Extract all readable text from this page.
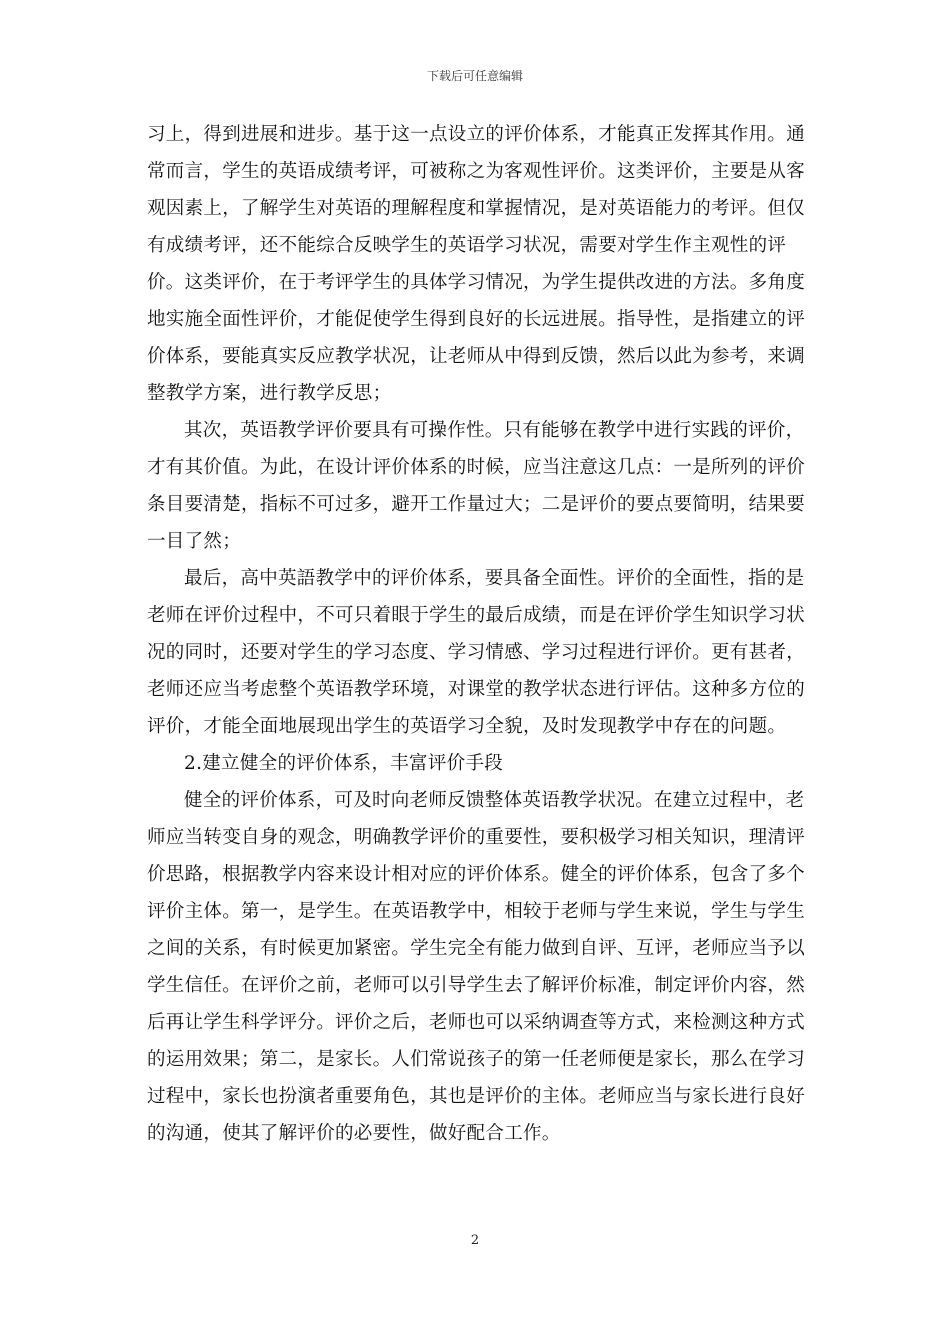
下载后可任意编辑

习上，得到进展和进步。基于这一点设立的评价体系，才能真正发挥其作用。通常而言，学生的英语成绩考评，可被称之为客观性评价。这类评价，主要是从客观因素上，了解学生对英语的理解程度和掌握情况，是对英语能力的考评。但仅有成绩考评，还不能综合反映学生的英语学习状况，需要对学生作主观性的评价。这类评价，在于考评学生的具体学习情况，为学生提供改进的方法。多角度地实施全面性评价，才能促使学生得到良好的长远进展。指导性，是指建立的评价体系，要能真实反应教学状况，让老师从中得到反馈，然后以此为参考，来调整教学方案，进行教学反思；

其次，英语教学评价要具有可操作性。只有能够在教学中进行实践的评价，才有其价值。为此，在设计评价体系的时候，应当注意这几点：一是所列的评价条目要清楚，指标不可过多，避开工作量过大；二是评价的要点要简明，结果要一目了然；

最后，高中英語教学中的评价体系，要具备全面性。评价的全面性，指的是老师在评价过程中，不可只着眼于学生的最后成绩，而是在评价学生知识学习状况的同时，还要对学生的学习态度、学习情感、学习过程进行评价。更有甚者，老师还应当考虑整个英语教学环境，对课堂的教学状态进行评估。这种多方位的评价，才能全面地展现出学生的英语学习全貌，及时发现教学中存在的问题。

2.建立健全的评价体系，丰富评价手段

健全的评价体系，可及时向老师反馈整体英语教学状况。在建立过程中，老师应当转变自身的观念，明确教学评价的重要性，要积极学习相关知识，理清评价思路，根据教学内容来设计相对应的评价体系。健全的评价体系，包含了多个评价主体。第一，是学生。在英语教学中，相较于老师与学生来说，学生与学生之间的关系，有时候更加紧密。学生完全有能力做到自评、互评，老师应当予以学生信任。在评价之前，老师可以引导学生去了解评价标准，制定评价内容，然后再让学生科学评分。评价之后，老师也可以采纳调查等方式，来检测这种方式的运用效果；第二，是家长。人们常说孩子的第一任老师便是家长，那么在学习过程中，家长也扮演者重要角色，其也是评价的主体。老师应当与家长进行良好的沟通，使其了解评价的必要性，做好配合工作。

2
